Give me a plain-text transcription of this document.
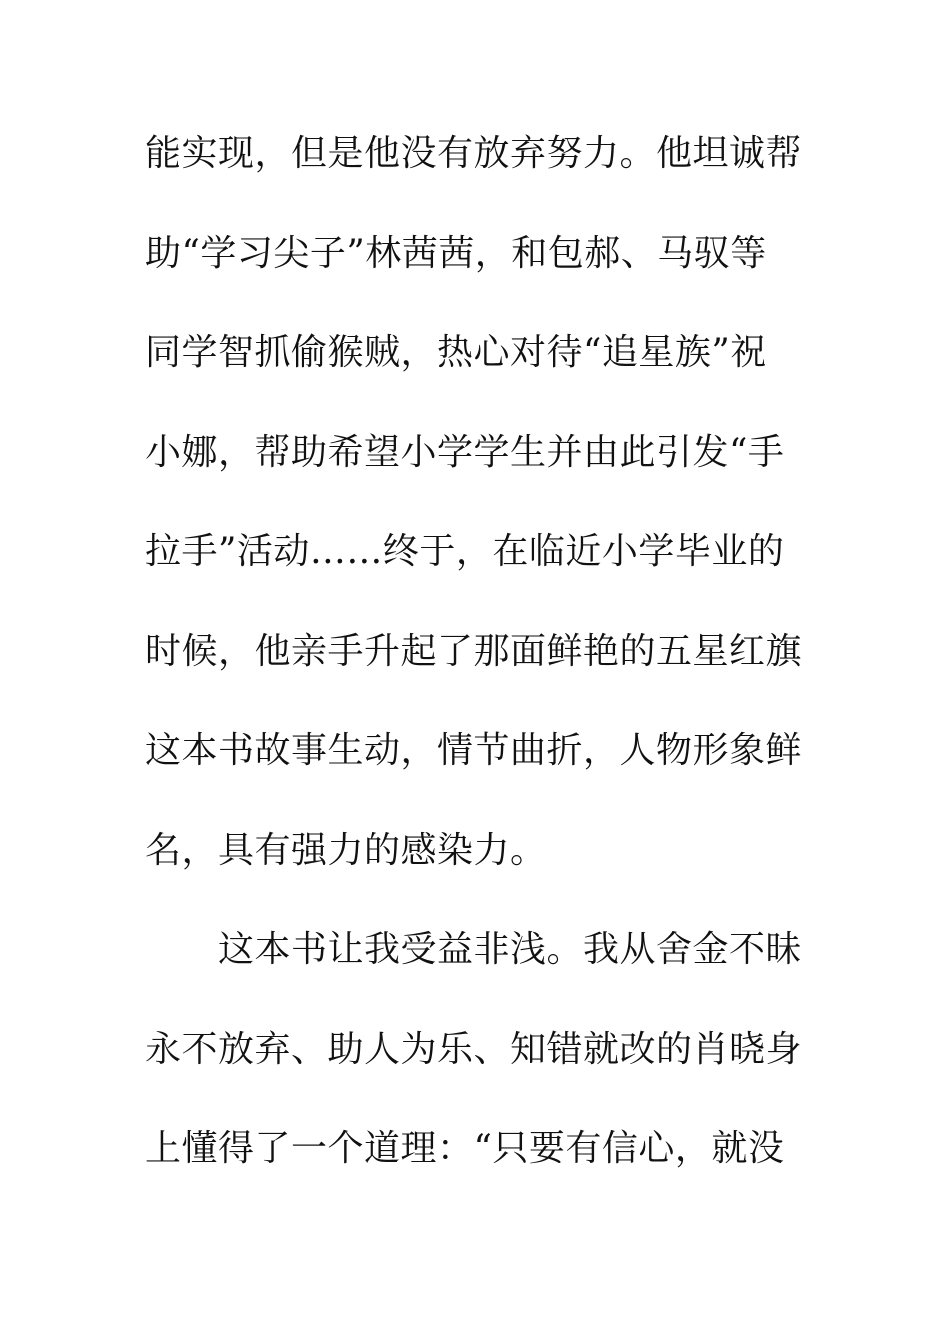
能实现，但是他没有放弃努力。他坦诚帮
助“学习尖子”林茜茜，和包郝、马驭等
同学智抓偷猴贼，热心对待“追星族”祝
小娜，帮助希望小学学生并由此引发“手
拉手”活动……终于，在临近小学毕业的
时候，他亲手升起了那面鲜艳的五星红旗
这本书故事生动，情节曲折，人物形象鲜
名，具有强力的感染力。
这本书让我受益非浅。我从舍金不昧
永不放弃、助人为乐、知错就改的肖晓身
上懂得了一个道理：“只要有信心，就没
